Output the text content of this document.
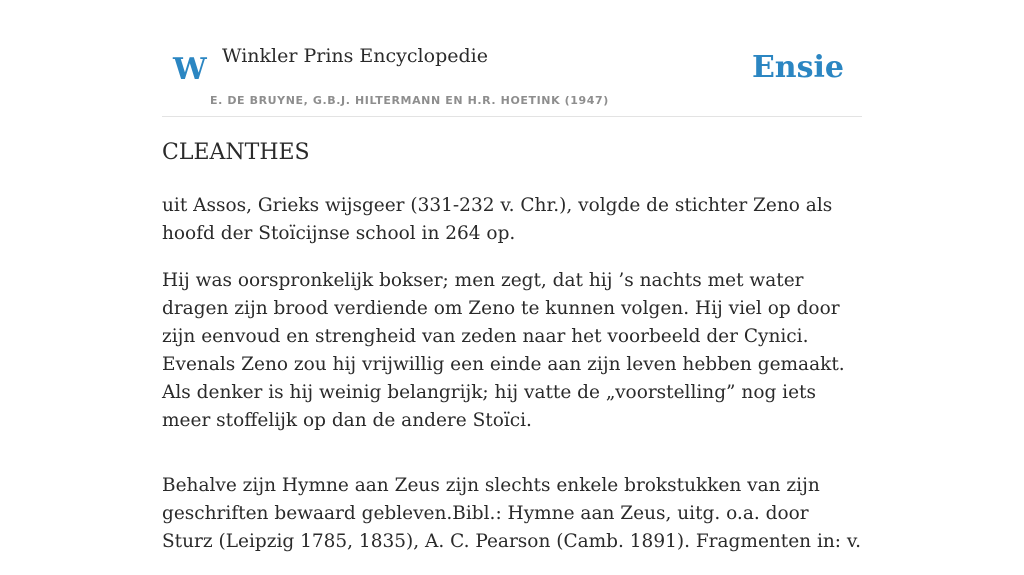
W Winkler Prins Encyclopedie
E. DE BRUYNE, G.B.J. HILTERMANN EN H.R. HOETINK (1947)
Ensie
CLEANTHES

uit Assos, Grieks wijsgeer (331-232 v. Chr.), volgde de stichter Zeno als hoofd der Stoïcijnse school in 264 op.

Hij was oorspronkelijk bokser; men zegt, dat hij ’s nachts met water dragen zijn brood verdiende om Zeno te kunnen volgen. Hij viel op door zijn eenvoud en strengheid van zeden naar het voorbeeld der Cynici. Evenals Zeno zou hij vrijwillig een einde aan zijn leven hebben gemaakt. Als denker is hij weinig belangrijk; hij vatte de „voorstelling” nog iets meer stoffelijk op dan de andere Stoïci.

Behalve zijn Hymne aan Zeus zijn slechts enkele brokstukken van zijn geschriften bewaard gebleven.Bibl.: Hymne aan Zeus, uitg. o.a. door Sturz (Leipzig 1785, 1835), A. C. Pearson (Camb. 1891). Fragmenten in: v.
